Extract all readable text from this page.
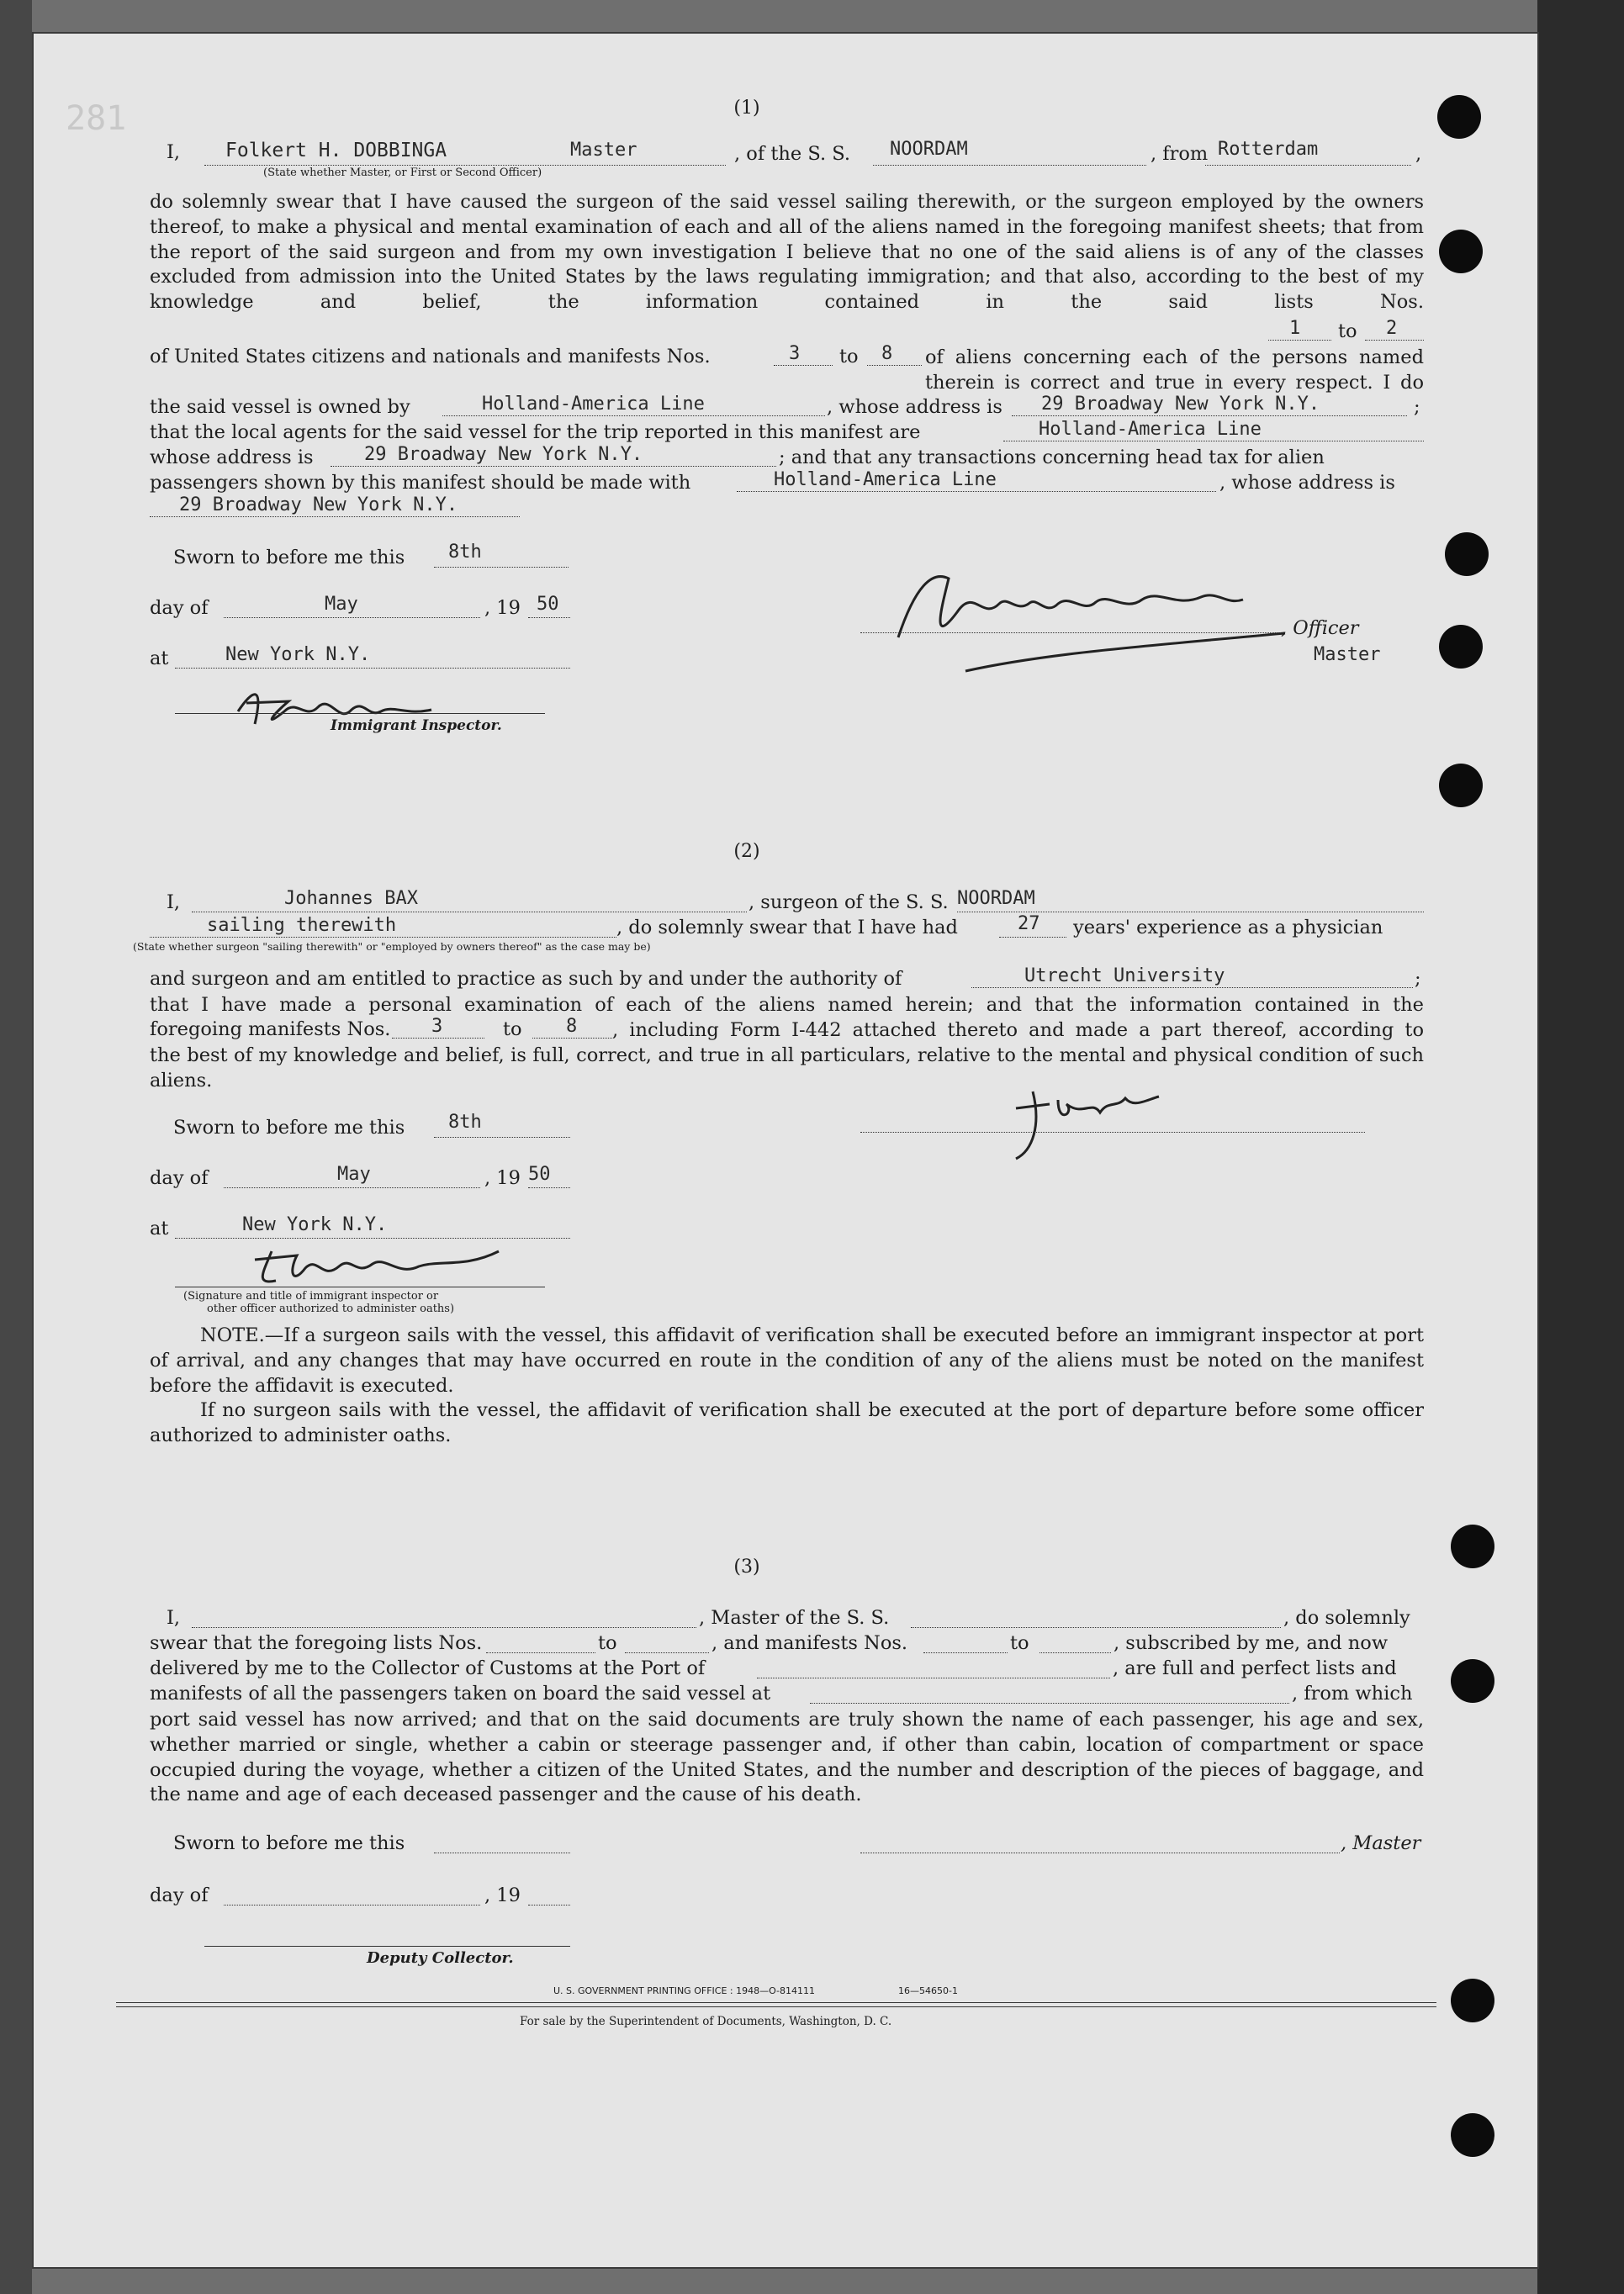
281	(1)
I, Folkert H. DOBBINGA	Master	, of the S. S. NOORDAM	, from Rotterdam	,
(State whether Master, or First or Second Officer)
do solemnly swear that I have caused the surgeon of the said vessel sailing therewith, or the surgeon employed by the owners thereof, to make a physical and mental examination of each and all of the aliens named in the foregoing manifest sheets; that from the report of the said surgeon and from my own investigation I believe that no one of the said aliens is of any of the classes excluded from admission into the United States by the laws regulating immigration; and that also, according to the best of my knowledge and belief, the information contained in the said lists Nos.
1 to 2
of United States citizens and nationals and manifests Nos.	3 to 8 of aliens concerning each of the persons named therein is correct and true in every respect. I do
the said vessel is owned by	Holland-America Line	, whose address is 29 Broadway New York N.Y.	;
that the local agents for the said vessel for the trip reported in this manifest are	Holland-America Line
whose address is	29 Broadway New York N.Y.	; and that any transactions concerning head tax for alien
passengers shown by this manifest should be made with	Holland-America Line	, whose address is
29 Broadway New York N.Y.
Sworn to before me this 8th
day of	May	, 19 50
at	New York N.Y.
Immigrant Inspector.
, Officer
Master
(2)
I,	Johannes BAX	, surgeon of the S. S. NOORDAM
sailing therewith	, do solemnly swear that I have had	27 years' experience as a physician
(State whether surgeon "sailing therewith" or "employed by owners thereof" as the case may be)
and surgeon and am entitled to practice as such by and under the authority of	Utrecht University	;
that I have made a personal examination of each of the aliens named herein; and that the information contained in the
foregoing manifests Nos. 3	to 8 , including Form I-442 attached thereto and made a part thereof, according to
the best of my knowledge and belief, is full, correct, and true in all particulars, relative to the mental and physical condition of such aliens.
Sworn to before me this 8th
day of	May	, 19 50
at	New York N.Y.
(Signature and title of immigrant inspector or
other officer authorized to administer oaths)
NOTE.—If a surgeon sails with the vessel, this affidavit of verification shall be executed before an immigrant inspector at port of arrival, and any changes that may have occurred en route in the condition of any of the aliens must be noted on the manifest before the affidavit is executed.
If no surgeon sails with the vessel, the affidavit of verification shall be executed at the port of departure before some officer authorized to administer oaths.
(3)
I,	, Master of the S. S.	, do solemnly
swear that the foregoing lists Nos.	to	, and manifests Nos.	to	, subscribed by me, and now
delivered by me to the Collector of Customs at the Port of	, are full and perfect lists and
manifests of all the passengers taken on board the said vessel at	, from which
port said vessel has now arrived; and that on the said documents are truly shown the name of each passenger, his age and sex, whether married or single, whether a cabin or steerage passenger and, if other than cabin, location of compartment or space occupied during the voyage, whether a citizen of the United States, and the number and description of the pieces of baggage, and the name and age of each deceased passenger and the cause of his death.
Sworn to before me this	, Master
day of	, 19
Deputy Collector.
U. S. GOVERNMENT PRINTING OFFICE : 1948—O-814111	16—54650-1
For sale by the Superintendent of Documents, Washington, D. C.
